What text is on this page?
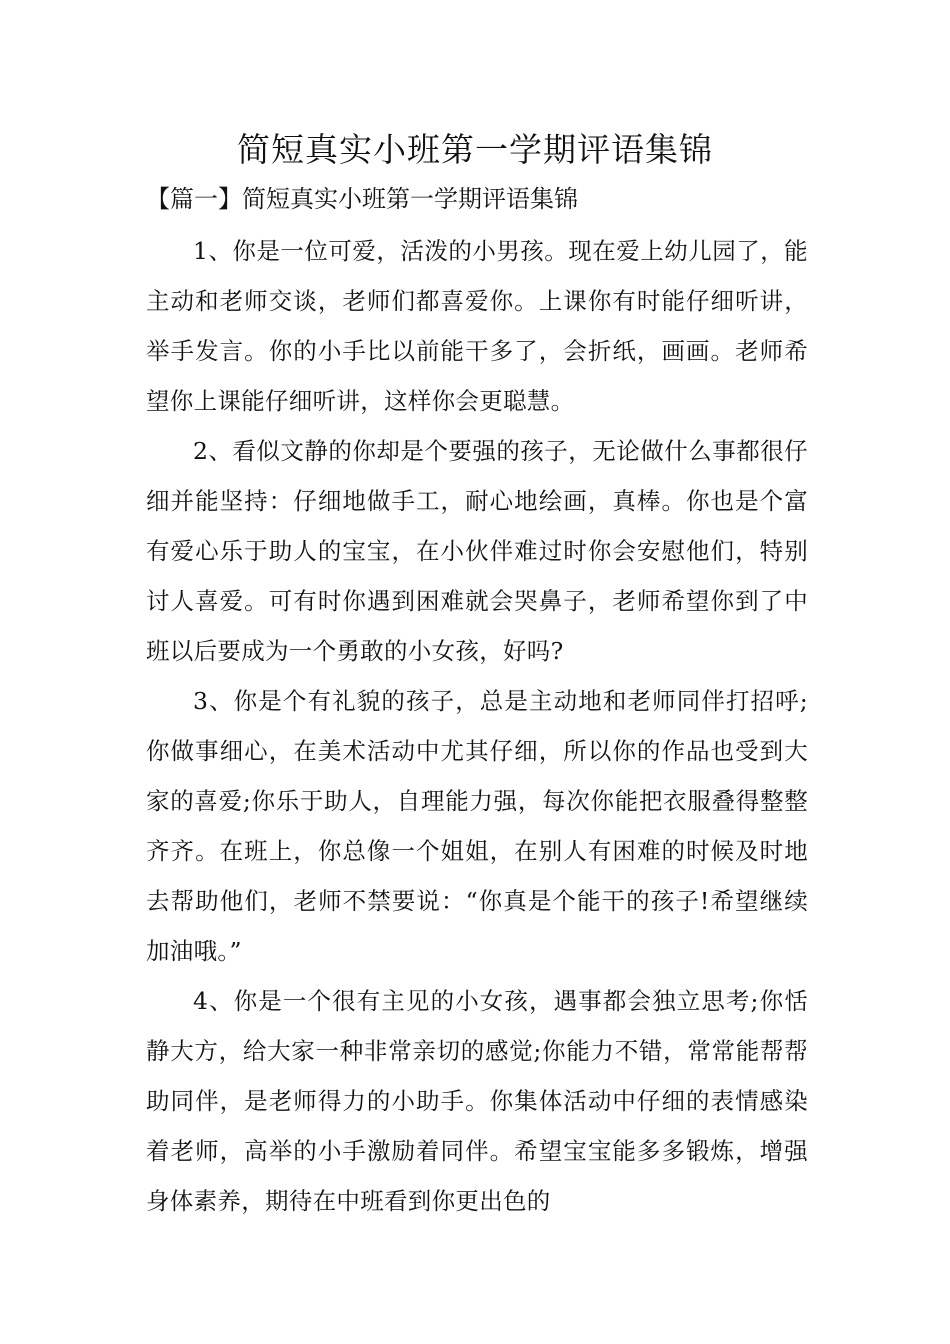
简短真实小班第一学期评语集锦
【篇一】简短真实小班第一学期评语集锦

1、你是一位可爱，活泼的小男孩。现在爱上幼儿园了，能主动和老师交谈，老师们都喜爱你。上课你有时能仔细听讲，举手发言。你的小手比以前能干多了，会折纸，画画。老师希望你上课能仔细听讲，这样你会更聪慧。

2、看似文静的你却是个要强的孩子，无论做什么事都很仔细并能坚持：仔细地做手工，耐心地绘画，真棒。你也是个富有爱心乐于助人的宝宝，在小伙伴难过时你会安慰他们，特别讨人喜爱。可有时你遇到困难就会哭鼻子，老师希望你到了中班以后要成为一个勇敢的小女孩，好吗?

3、你是个有礼貌的孩子，总是主动地和老师同伴打招呼;你做事细心，在美术活动中尤其仔细，所以你的作品也受到大家的喜爱;你乐于助人，自理能力强，每次你能把衣服叠得整整齐齐。在班上，你总像一个姐姐，在别人有困难的时候及时地去帮助他们，老师不禁要说：“你真是个能干的孩子!希望继续加油哦。”

4、你是一个很有主见的小女孩，遇事都会独立思考;你恬静大方，给大家一种非常亲切的感觉;你能力不错，常常能帮帮助同伴，是老师得力的小助手。你集体活动中仔细的表情感染着老师，高举的小手激励着同伴。希望宝宝能多多锻炼，增强身体素养，期待在中班看到你更出色的
